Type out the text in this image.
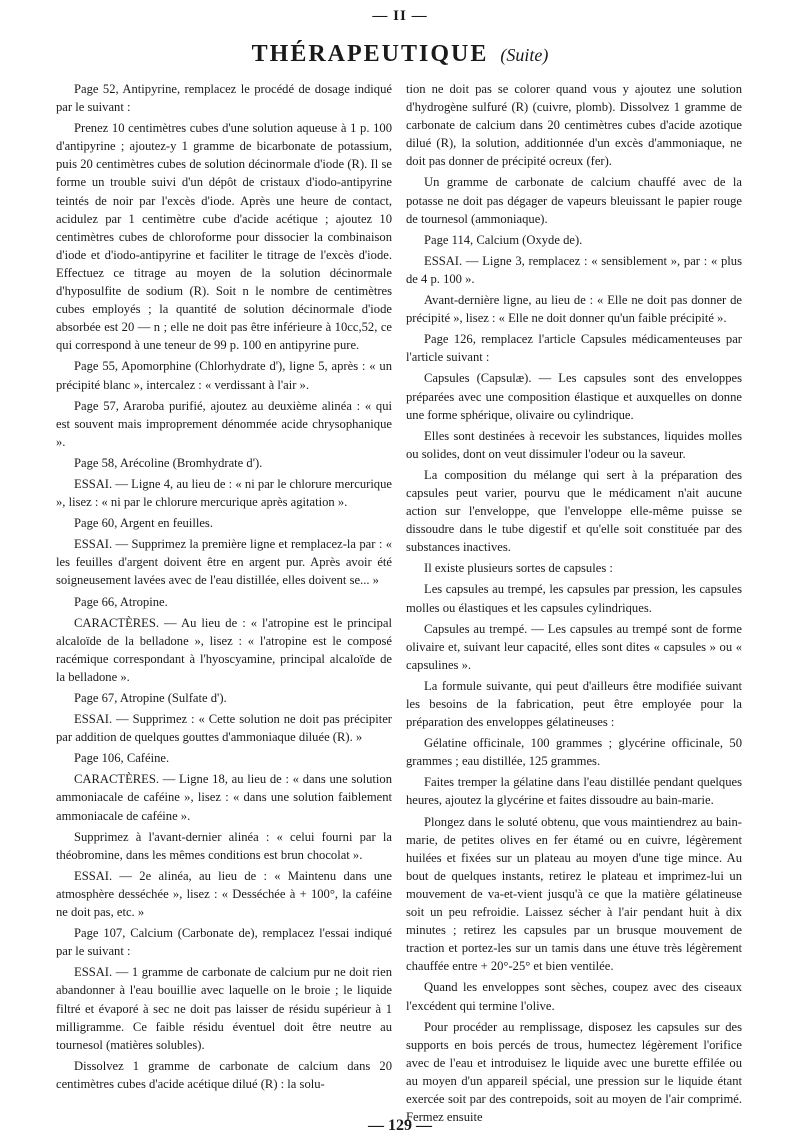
— II —
THÉRAPEUTIQUE (Suite)

Page 52, Antipyrine, remplacez le procédé de dosage indiqué par le suivant :

Prenez 10 centimètres cubes d'une solution aqueuse à 1 p. 100 d'antipyrine ; ajoutez-y 1 gramme de bicarbonate de potassium, puis 20 centimètres cubes de solution décinormale d'iode (R). Il se forme un trouble suivi d'un dépôt de cristaux d'iodo-antipyrine teintés de noir par l'excès d'iode. Après une heure de contact, acidulez par 1 centimètre cube d'acide acétique ; ajoutez 10 centimètres cubes de chloroforme pour dissocier la combinaison d'iode et d'iodo-antipyrine et faciliter le titrage de l'excès d'iode. Effectuez ce titrage au moyen de la solution décinormale d'hyposulfite de sodium (R). Soit n le nombre de centimètres cubes employés ; la quantité de solution décinormale d'iode absorbée est 20 — n ; elle ne doit pas être inférieure à 10cc,52, ce qui correspond à une teneur de 99 p. 100 en antipyrine pure.

Page 55, Apomorphine (Chlorhydrate d'), ligne 5, après : « un précipité blanc », intercalez : « verdissant à l'air ».

Page 57, Araroba purifié, ajoutez au deuxième alinéa : « qui est souvent mais improprement dénommée acide chrysophanique ».

Page 58, Arécoline (Bromhydrate d').

ESSAI. — Ligne 4, au lieu de : « ni par le chlorure mercurique », lisez : « ni par le chlorure mercurique après agitation ».

Page 60, Argent en feuilles.

ESSAI. — Supprimez la première ligne et remplacez-la par : « les feuilles d'argent doivent être en argent pur. Après avoir été soigneusement lavées avec de l'eau distillée, elles doivent se... »

Page 66, Atropine.

CARACTÈRES. — Au lieu de : « l'atropine est le principal alcaloïde de la belladone », lisez : « l'atropine est le composé racémique correspondant à l'hyoscyamine, principal alcaloïde de la belladone ».

Page 67, Atropine (Sulfate d').

ESSAI. — Supprimez : « Cette solution ne doit pas précipiter par addition de quelques gouttes d'ammoniaque diluée (R). »

Page 106, Caféine.

CARACTÈRES. — Ligne 18, au lieu de : « dans une solution ammoniacale de caféine », lisez : « dans une solution faiblement ammoniacale de caféine ».

Supprimez à l'avant-dernier alinéa : « celui fourni par la théobromine, dans les mêmes conditions est brun chocolat ».

ESSAI. — 2e alinéa, au lieu de : « Maintenu dans une atmosphère desséchée », lisez : « Desséchée à + 100°, la caféine ne doit pas, etc. »

Page 107, Calcium (Carbonate de), remplacez l'essai indiqué par le suivant :

ESSAI. — 1 gramme de carbonate de calcium pur ne doit rien abandonner à l'eau bouillie avec laquelle on le broie ; le liquide filtré et évaporé à sec ne doit pas laisser de résidu supérieur à 1 milligramme. Ce faible résidu éventuel doit être neutre au tournesol (matières solubles).

Dissolvez 1 gramme de carbonate de calcium dans 20 centimètres cubes d'acide acétique dilué (R) : la solu-

tion ne doit pas se colorer quand vous y ajoutez une solution d'hydrogène sulfuré (R) (cuivre, plomb). Dissolvez 1 gramme de carbonate de calcium dans 20 centimètres cubes d'acide azotique dilué (R), la solution, additionnée d'un excès d'ammoniaque, ne doit pas donner de précipité ocreux (fer).

Un gramme de carbonate de calcium chauffé avec de la potasse ne doit pas dégager de vapeurs bleuissant le papier rouge de tournesol (ammoniaque).

Page 114, Calcium (Oxyde de).

ESSAI. — Ligne 3, remplacez : « sensiblement », par : « plus de 4 p. 100 ».

Avant-dernière ligne, au lieu de : « Elle ne doit pas donner de précipité », lisez : « Elle ne doit donner qu'un faible précipité ».

Page 126, remplacez l'article Capsules médicamenteuses par l'article suivant :

Capsules (Capsulæ). — Les capsules sont des enveloppes préparées avec une composition élastique et auxquelles on donne une forme sphérique, olivaire ou cylindrique.

Elles sont destinées à recevoir les substances, liquides molles ou solides, dont on veut dissimuler l'odeur ou la saveur.

La composition du mélange qui sert à la préparation des capsules peut varier, pourvu que le médicament n'ait aucune action sur l'enveloppe, que l'enveloppe elle-même puisse se dissoudre dans le tube digestif et qu'elle soit constituée par des substances inactives.

Il existe plusieurs sortes de capsules :

Les capsules au trempé, les capsules par pression, les capsules molles ou élastiques et les capsules cylindriques.

Capsules au trempé. — Les capsules au trempé sont de forme olivaire et, suivant leur capacité, elles sont dites « capsules » ou « capsulines ».

La formule suivante, qui peut d'ailleurs être modifiée suivant les besoins de la fabrication, peut être employée pour la préparation des enveloppes gélatineuses :

Gélatine officinale, 100 grammes ; glycérine officinale, 50 grammes ; eau distillée, 125 grammes.

Faites tremper la gélatine dans l'eau distillée pendant quelques heures, ajoutez la glycérine et faites dissoudre au bain-marie.

Plongez dans le soluté obtenu, que vous maintiendrez au bain-marie, de petites olives en fer étamé ou en cuivre, légèrement huilées et fixées sur un plateau au moyen d'une tige mince. Au bout de quelques instants, retirez le plateau et imprimez-lui un mouvement de va-et-vient jusqu'à ce que la matière gélatineuse soit un peu refroidie. Laissez sécher à l'air pendant huit à dix minutes ; retirez les capsules par un brusque mouvement de traction et portez-les sur un tamis dans une étuve très légèrement chauffée entre + 20°-25° et bien ventilée.

Quand les enveloppes sont sèches, coupez avec des ciseaux l'excédent qui termine l'olive.

Pour procéder au remplissage, disposez les capsules sur des supports en bois percés de trous, humectez légèrement l'orifice avec de l'eau et introduisez le liquide avec une burette effilée ou au moyen d'un appareil spécial, une pression sur le liquide étant exercée soit par des contrepoids, soit au moyen de l'air comprimé. Fermez ensuite

— 129 —
